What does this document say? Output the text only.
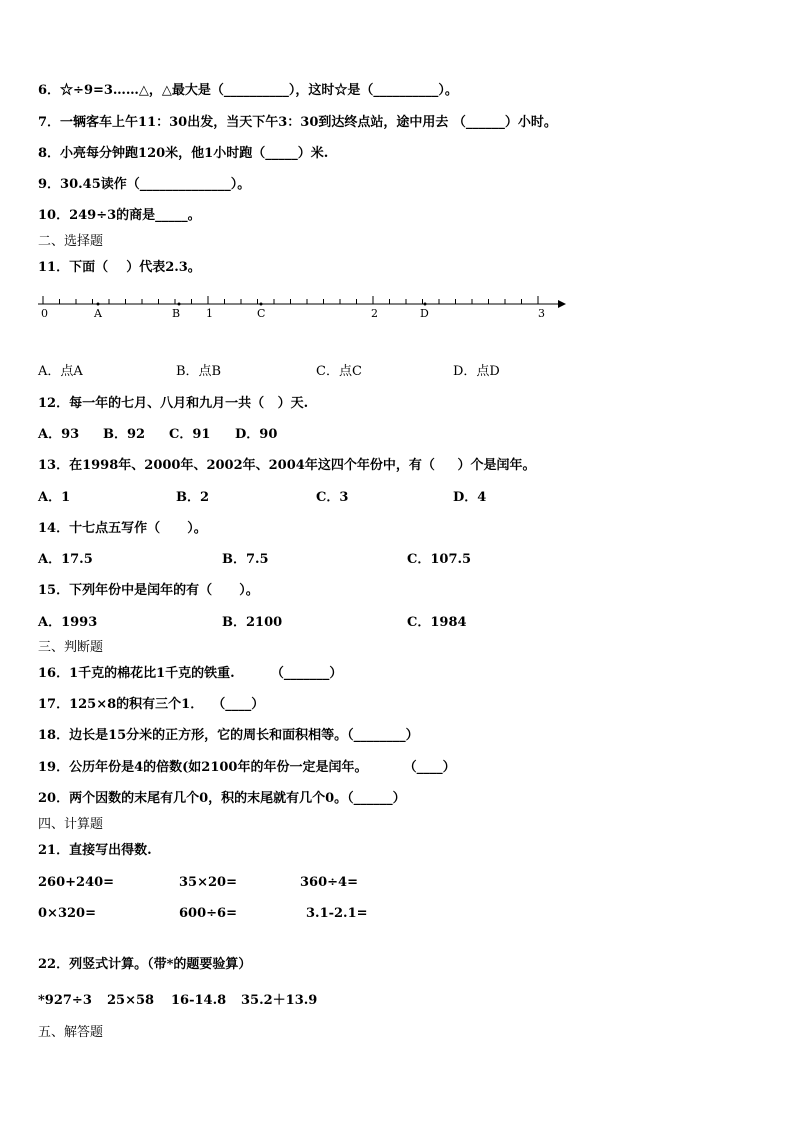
6．☆÷9=3……△，△最大是（__________），这时☆是（__________）。
7．一辆客车上午11：30出发，当天下午3：30到达终点站，途中用去 （______）小时。
8．小亮每分钟跑120米，他1小时跑（_____）米.
9．30.45读作（______________）。
10．249÷3的商是_____。
二、选择题
11．下面（    ）代表2.3。
0	1	2	3
A	B	C	D
A．点A	B．点B	C．点C	D．点D
12．每一年的七月、八月和九月一共（   ）天.
A．93 B．92 C．91 D．90
13．在1998年、2000年、2002年、2004年这四个年份中，有（     ）个是闰年。
A．1	B．2	C．3	D．4
14．十七点五写作（      ）。
A．17.5	B．7.5	C．107.5
15．下列年份中是闰年的有（      ）。
A．1993	B．2100	C．1984
三、判断题
16．1千克的棉花比1千克的铁重.        （_______）
17．125×8的积有三个1．  （____）
18．边长是15分米的正方形，它的周长和面积相等。（________）
19．公历年份是4的倍数(如2100年的年份一定是闰年。        （____）
20．两个因数的末尾有几个0，积的末尾就有几个0。（______）
四、计算题
21．直接写出得数.
260+240=	35×20=	360÷4=
0×320=	600÷6=	3.1-2.1=
22．列竖式计算。（带*的题要验算）
*927÷3 25×58 16-14.8 35.2＋13.9
五、解答题
